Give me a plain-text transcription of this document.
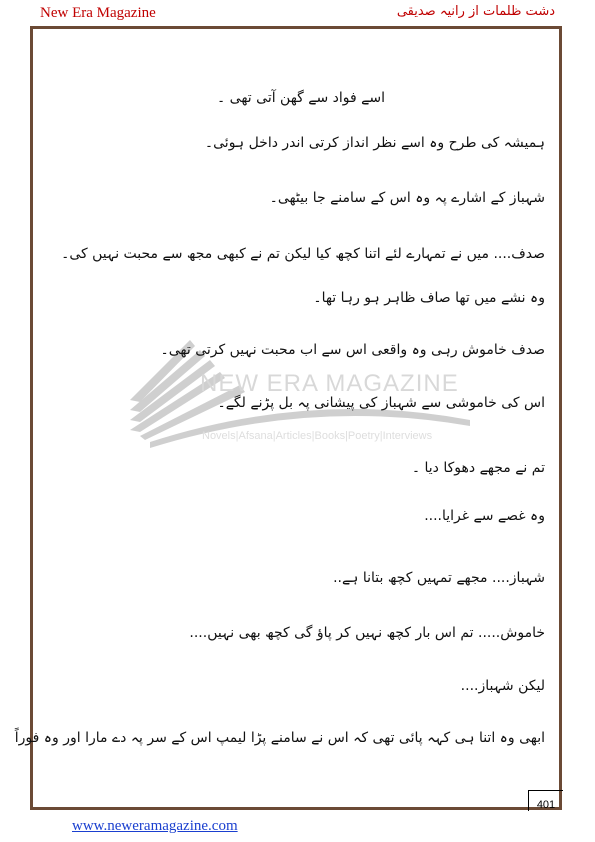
New Era Magazine	دشت ظلمات از رانیہ صدیقی
NEW ERA MAGAZINE
Novels|Afsana|Articles|Books|Poetry|Interviews
اسے فواد سے گھن آتی تھی ۔
ہمیشہ کی طرح وہ اسے نظر انداز کرتی اندر داخل ہوئی۔
شہباز کے اشارے پہ وہ اس کے سامنے جا بیٹھی۔
صدف.... میں نے تمہارے لئے اتنا کچھ کیا لیکن تم نے کبھی مجھ سے محبت نہیں کی۔
وہ نشے میں تھا صاف ظاہر ہو رہا تھا۔
صدف خاموش رہی وہ واقعی اس سے اب محبت نہیں کرتی تھی۔
اس کی خاموشی سے شہباز کی پیشانی پہ بل پڑنے لگے۔
تم نے مجھے دھوکا دیا ۔
وہ غصے سے غرایا....
شہباز.... مجھے تمہیں کچھ بتانا ہے..
خاموش..... تم اس بار کچھ نہیں کر پاؤ گی کچھ بھی نہیں....
لیکن شہباز....
ابھی وہ اتنا ہی کہہ پائی تھی کہ اس نے سامنے پڑا لیمپ اس کے سر پہ دے مارا اور وہ فوراً
401
www.neweramagazine.com
